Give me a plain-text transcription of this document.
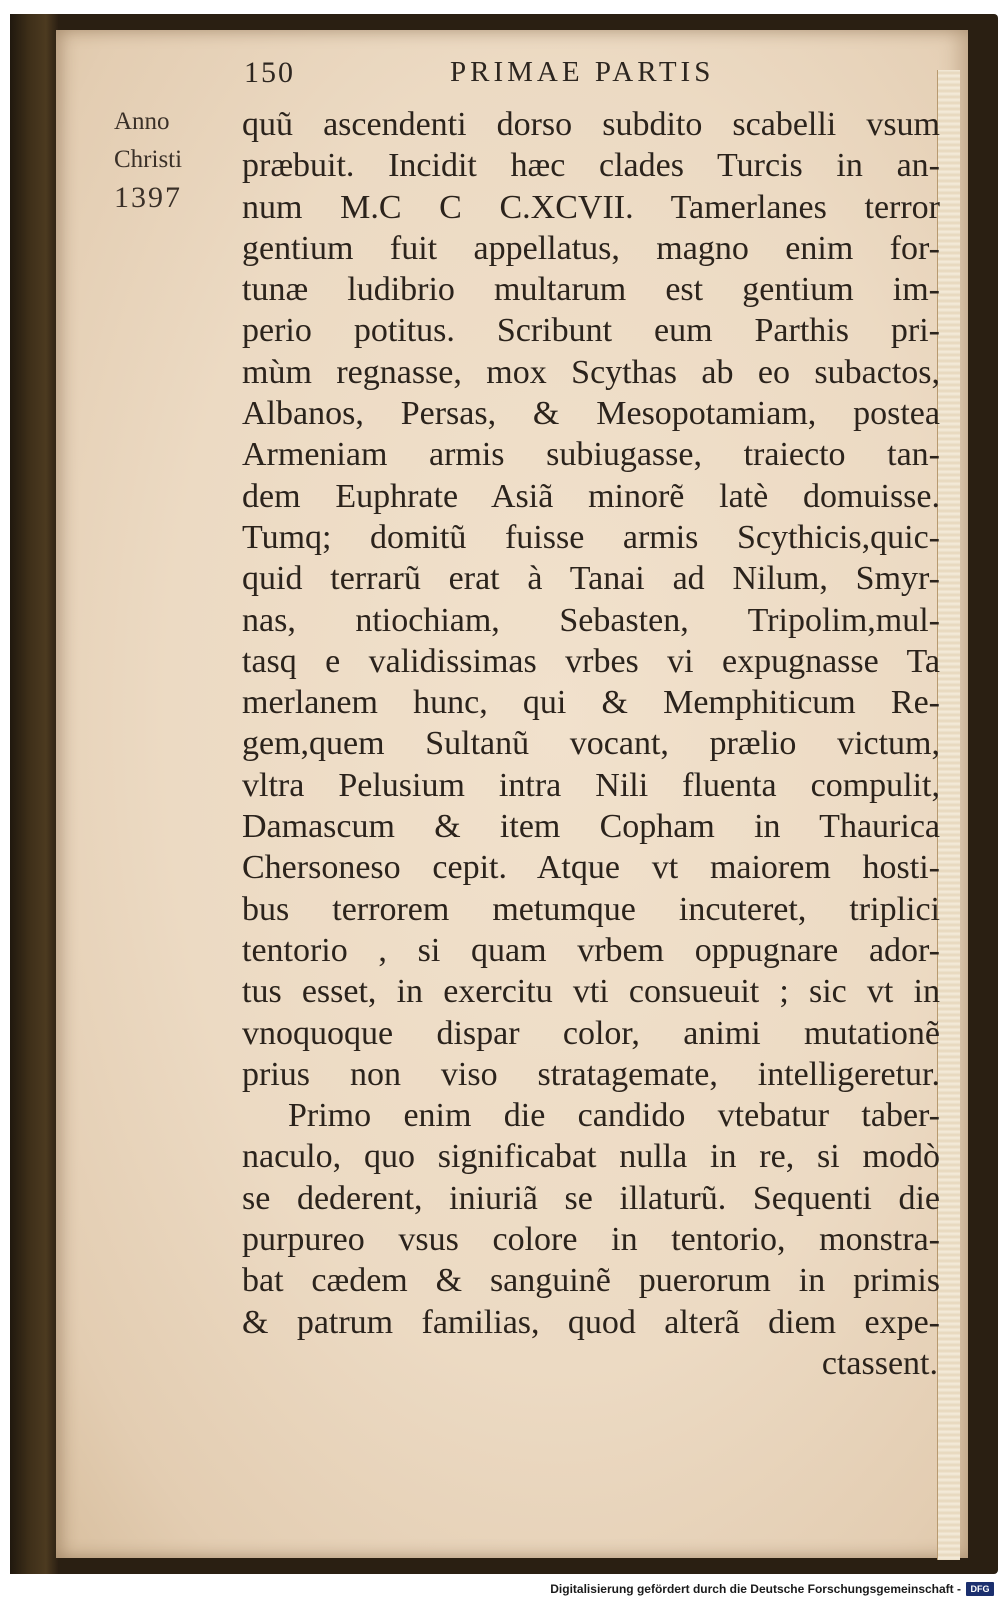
150	PRIMAE PARTIS
Anno
Christi
1397
quũ ascendenti dorso subdito scabelli vsum
præbuit. Incidit hæc clades Turcis in an-
num M.C C C.XCVII. Tamerlanes terror
gentium fuit appellatus, magno enim for-
tunæ ludibrio multarum est gentium im-
perio potitus. Scribunt eum Parthis pri-
mùm regnasse, mox Scythas ab eo subactos,
Albanos, Persas, & Mesopotamiam, postea
Armeniam armis subiugasse, traiecto tan-
dem Euphrate Asiã minorẽ latè domuisse.
Tumq; domitũ fuisse armis Scythicis,quic-
quid terrarũ erat à Tanai ad Nilum, Smyr-
nas, ntiochiam, Sebasten, Tripolim,mul-
tasq e validissimas vrbes vi expugnasse Ta
merlanem hunc, qui & Memphiticum Re-
gem,quem Sultanũ vocant, prælio victum,
vltra Pelusium intra Nili fluenta compulit,
Damascum & item Copham in Thaurica
Chersoneso cepit. Atque vt maiorem hosti-
bus terrorem metumque incuteret, triplici
tentorio , si quam vrbem oppugnare ador-
tus esset, in exercitu vti consueuit ; sic vt in
vnoquoque dispar color, animi mutationẽ
prius non viso stratagemate, intelligeretur.
Primo enim die candido vtebatur taber-
naculo, quo significabat nulla in re, si modò
se dederent, iniuriã se illaturũ. Sequenti die
purpureo vsus colore in tentorio, monstra-
bat cædem & sanguinẽ puerorum in primis
& patrum familias, quod alterã diem expe-
ctassent.
Digitalisierung gefördert durch die Deutsche Forschungsgemeinschaft -	DFG
